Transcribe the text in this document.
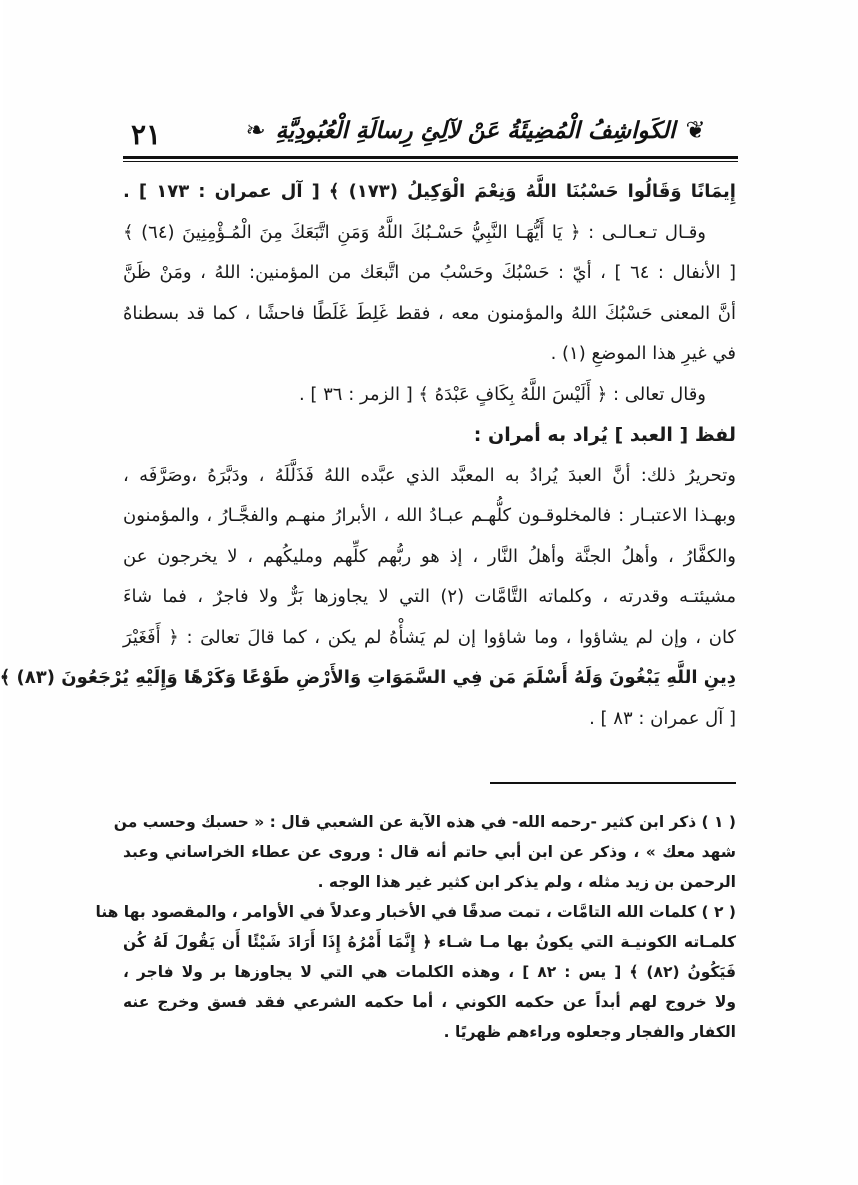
٢١	❦
الكَواشِفُ الْمُضِيئَةُ عَنْ لآلِئِ رِسالَةِ الْعُبُودِيَّةِ
❧
إِيمَانًا وَقَالُوا حَسْبُنَا اللَّهُ وَنِعْمَ الْوَكِيلُ (١٧٣) ﴾ [ آل عمران : ١٧٣ ] .
وقـال تـعـالـى : ﴿ يَا أَيُّهَـا النَّبِيُّ حَسْـبُكَ اللَّهُ وَمَنِ اتَّبَعَكَ مِنَ الْمُـؤْمِنِينَ (٦٤) ﴾
[ الأنفال : ٦٤ ] ، أيّ : حَسْبُكَ وحَسْبُ من اتَّبعَك من المؤمنين: اللهُ ، ومَنْ ظَنَّ
أنَّ المعنى حَسْبُكَ اللهُ والمؤمنون معه ، فقط غَلِطَ غَلَطًا فاحشًا ، كما قد بسطناهُ
في غيرِ هذا الموضعِ (١) .
وقال تعالى : ﴿ أَلَيْسَ اللَّهُ بِكَافٍ عَبْدَهُ ﴾ [ الزمر : ٣٦ ] .
لفظ [ العبد ] يُراد به أمران :
وتحريرُ ذلك: أنَّ العبدَ يُرادُ به المعبَّد الذي عبَّده اللهُ فَذَلَّلَهُ ، ودَبَّرَهُ ،وصَرَّفَه ،
وبهـذا الاعتبـار : فالمخلوقـون كلُّهـم عبـادُ الله ، الأبرارُ منهـم والفجَّـارُ ، والمؤمنون
والكفَّارُ ، وأهلُ الجنَّة وأهلُ النَّار ، إذ هو ربُّهم كلِّهم ومليكُهم ، لا يخرجون عن
مشيئتـه وقدرته ، وكلماته التَّامَّات (٢) التي لا يجاوزها بَرٌّ ولا فاجرٌ ، فما شاءَ
كان ، وإن لم يشاؤوا ، وما شاؤوا إن لم يَشأْهُ لم يكن ، كما قالَ تعالىَ : ﴿ أَفَغَيْرَ
دِينِ اللَّهِ يَبْغُونَ وَلَهُ أَسْلَمَ مَن فِي السَّمَوَاتِ وَالأَرْضِ طَوْعًا وَكَرْهًا وَإِلَيْهِ يُرْجَعُونَ (٨٣) ﴾
[ آل عمران : ٨٣ ] .
( ١ ) ذكر ابن كثير -رحمه الله- في هذه الآية عن الشعبي قال : « حسبك وحسب من
شهد معك » ، وذكر عن ابن أبي حاتم أنه قال : وروى عن عطاء الخراساني وعبد
الرحمن بن زيد مثله ، ولم يذكر ابن كثير غير هذا الوجه .
( ٢ ) كلمات الله التامَّات ، تمت صدقًا في الأخبار وعدلاً في الأوامر ، والمقصود بها هنا
كلمـاته الكونيـة التي يكونُ بها مـا شـاء ﴿ إِنَّمَا أَمْرُهُ إِذَا أَرَادَ شَيْئًا أَن يَقُولَ لَهُ كُن
فَيَكُونُ (٨٢) ﴾ [ يس : ٨٢ ] ، وهذه الكلمات هي التي لا يجاوزها بر ولا فاجر ،
ولا خروج لهم أبداً عن حكمه الكوني ، أما حكمه الشرعي فقد فسق وخرج عنه
الكفار والفجار وجعلوه وراءهم ظهريًا .
